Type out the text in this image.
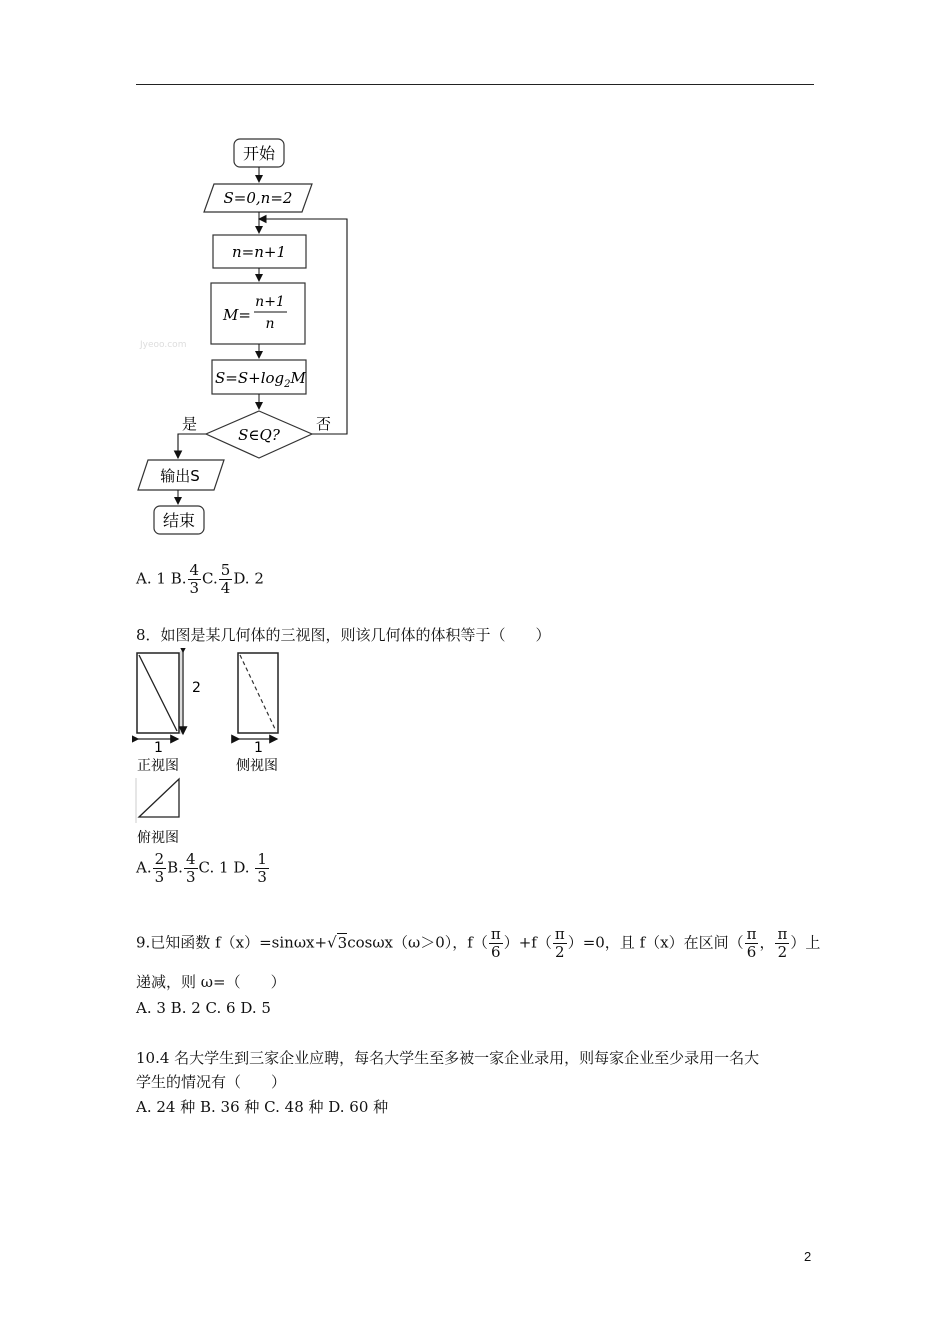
开始
S=0,n=2
n=n+1
M=
n+1
n
$S=S+\log_2M$
S∈Q?
否
是
输出S
结束
Jyeoo.com
A. 1 B. $\frac{4}{3} C$. $\frac{5}{4} D$. 2
8．如图是某几何体的三视图，则该几何体的体积等于（　　）
2
1
正视图
1
侧视图
俯视图
A. $\frac{2}{3} B$. $\frac{4}{3} C$. 1 D. $\frac{1}{3}$
9.已知函数 f（x）=sinωx+√3cosωx（ω＞0），$f( \frac{\pi}{6} )+f( \frac{\pi}{2} )=0$，且 f（x）在区间（ $\frac{\pi}{6}$ ， $\frac{\pi}{2}$ ）上
递减，则 ω=（　　）
A. 3 B. 2 C. 6 D. 5
10.4 名大学生到三家企业应聘，每名大学生至多被一家企业录用，则每家企业至少录用一名大
学生的情况有（　　）
A. 24 种 B. 36 种 C. 48 种 D. 60 种
2
